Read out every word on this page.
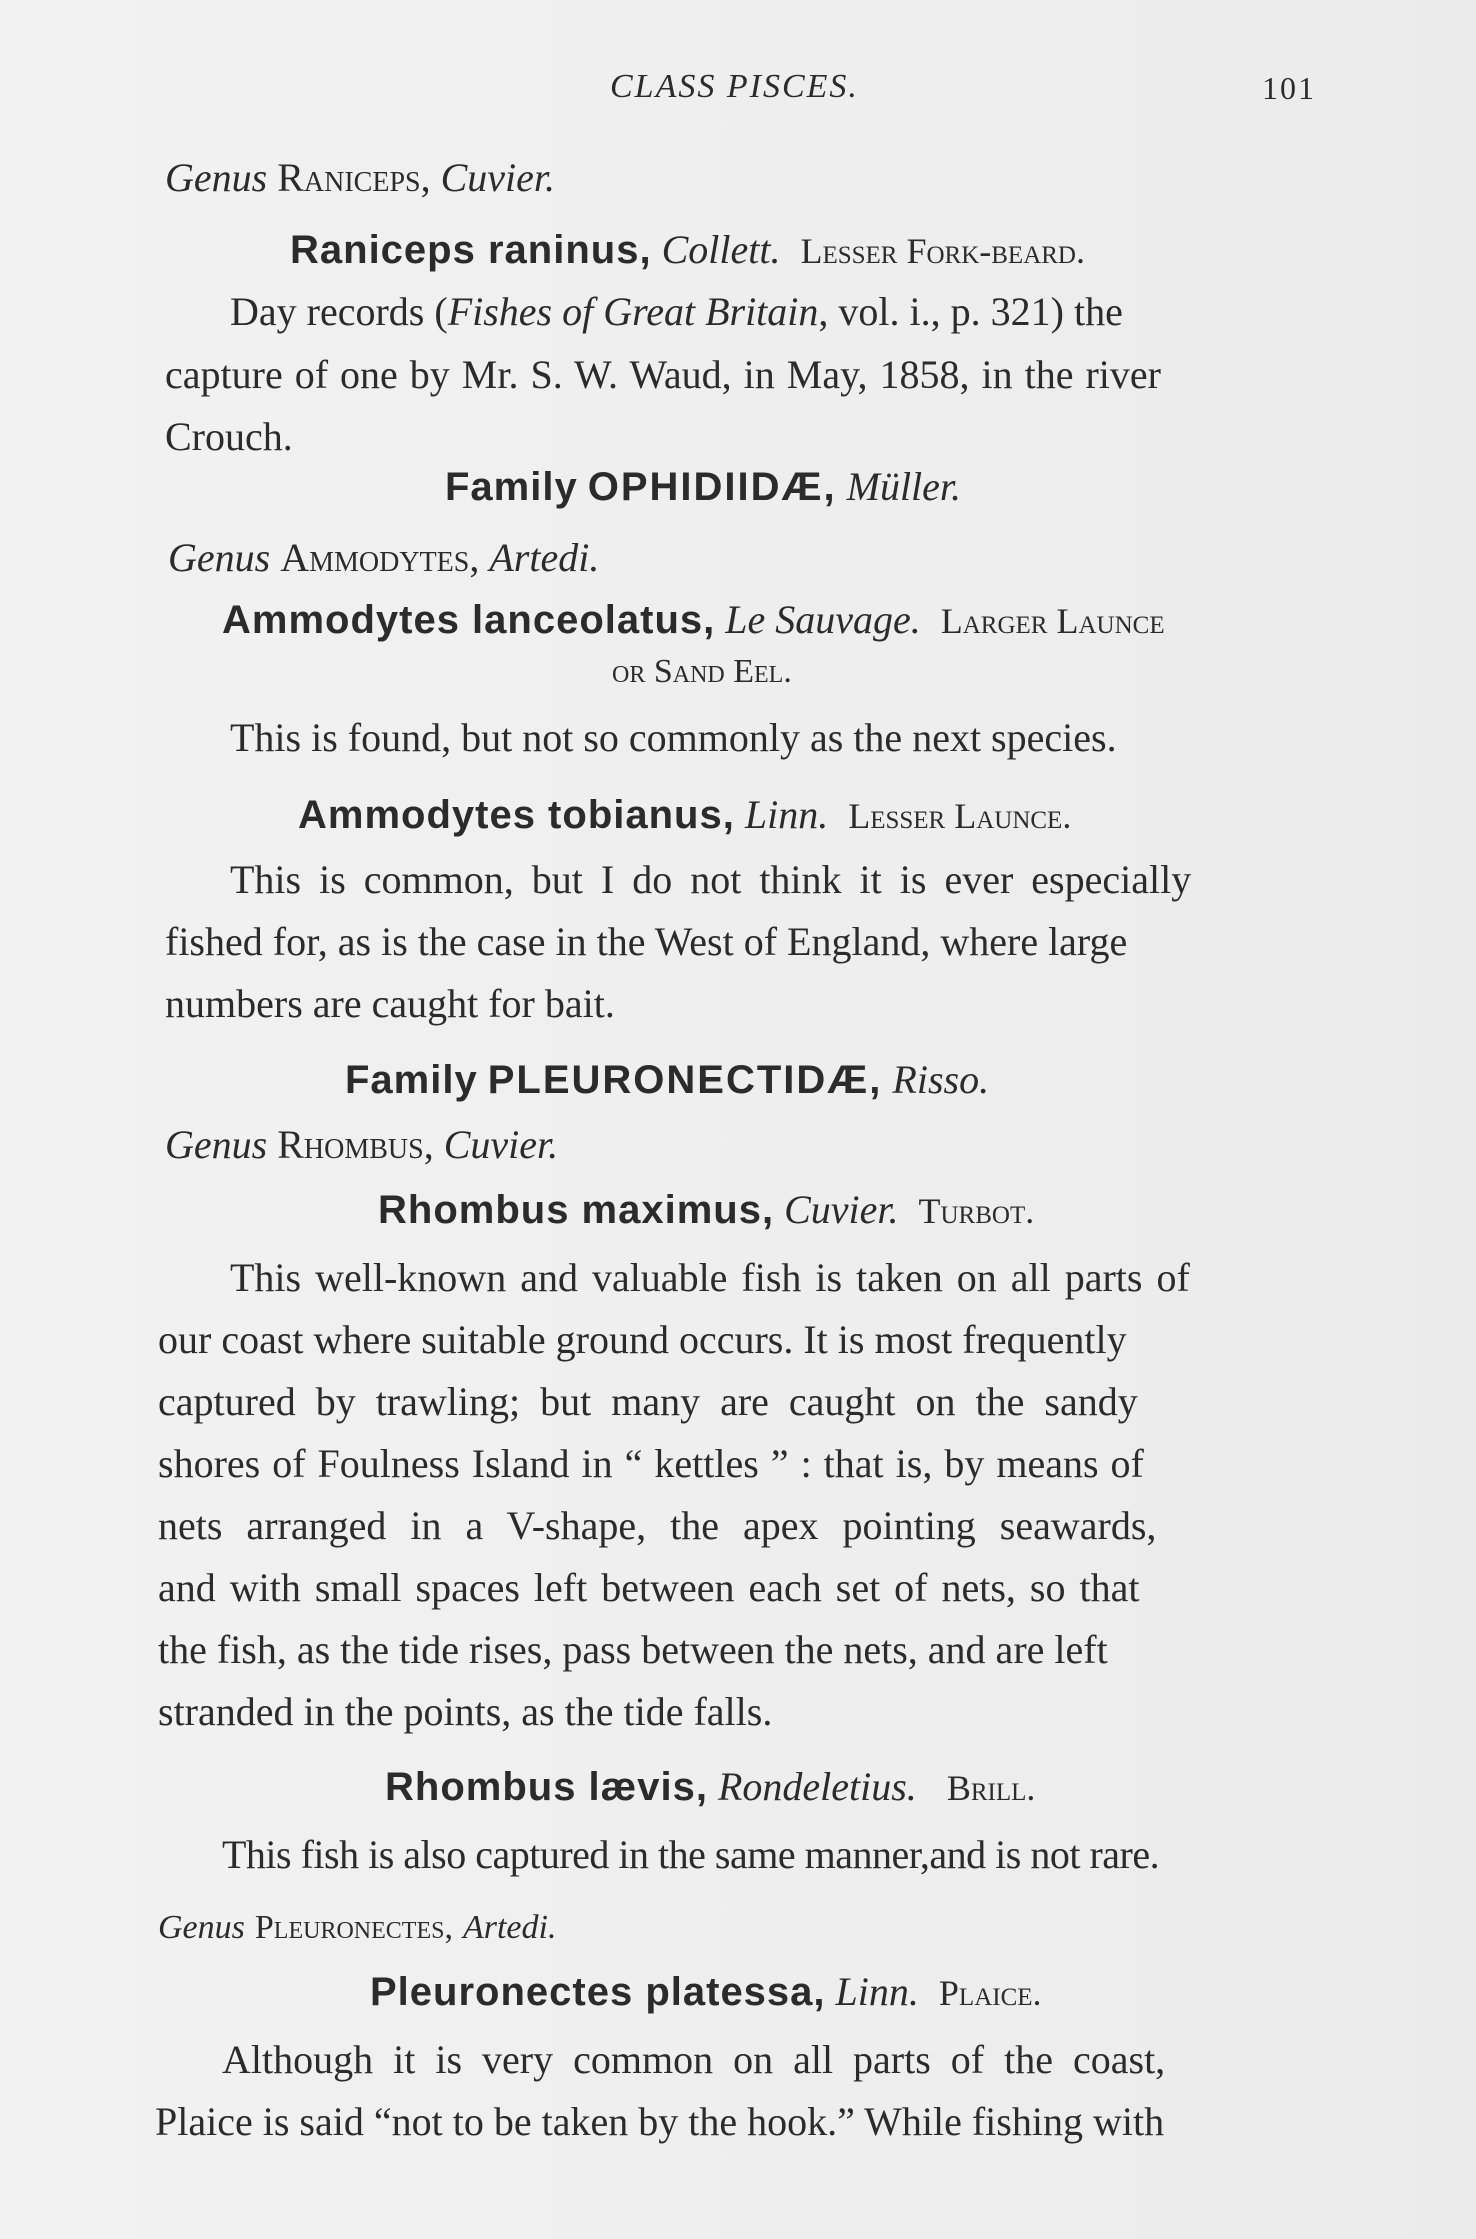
CLASS PISCES.	101
Genus Raniceps, Cuvier.
Raniceps raninus, Collett. Lesser Fork-beard.
Day records (Fishes of Great Britain, vol. i., p. 321) the
capture of one by Mr. S. W. Waud, in May, 1858, in the river
Crouch.
Family OPHIDIIDÆ, Müller.
Genus Ammodytes, Artedi.
Ammodytes lanceolatus, Le Sauvage. Larger Launce
or Sand Eel.
This is found, but not so commonly as the next species.
Ammodytes tobianus, Linn. Lesser Launce.
This is common, but I do not think it is ever especially
fished for, as is the case in the West of England, where large
numbers are caught for bait.
Family PLEURONECTIDÆ, Risso.
Genus Rhombus, Cuvier.
Rhombus maximus, Cuvier. Turbot.
This well-known and valuable fish is taken on all parts of
our coast where suitable ground occurs. It is most frequently
captured by trawling; but many are caught on the sandy
shores of Foulness Island in “ kettles ” : that is, by means of
nets arranged in a V-shape, the apex pointing seawards,
and with small spaces left between each set of nets, so that
the fish, as the tide rises, pass between the nets, and are left
stranded in the points, as the tide falls.
Rhombus lævis, Rondeletius. Brill.
This fish is also captured in the same manner,and is not rare.
Genus Pleuronectes, Artedi.
Pleuronectes platessa, Linn. Plaice.
Although it is very common on all parts of the coast,
Plaice is said “not to be taken by the hook.” While fishing with
